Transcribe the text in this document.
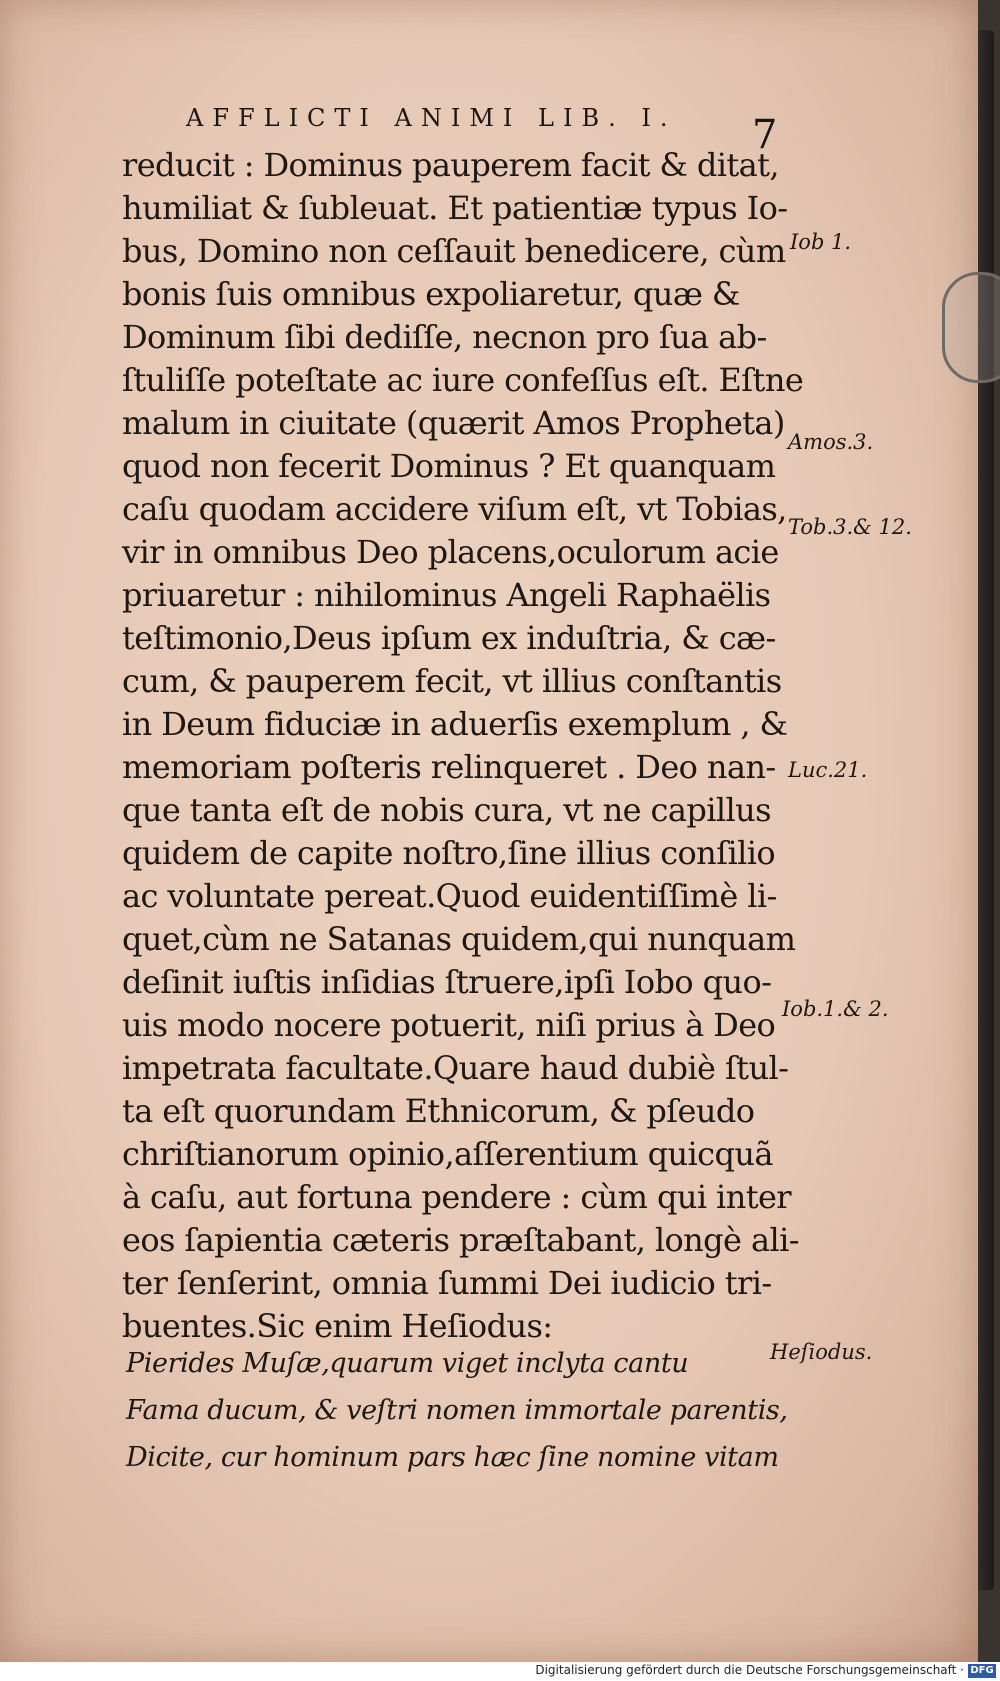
AFFLICTI ANIMI LIB. I. 7
reducit : Dominus pauperem facit & ditat,
humiliat & ſubleuat. Et patientiæ typus Io-
bus, Domino non ceſſauit benedicere, cùm
bonis ſuis omnibus expoliaretur, quæ &
Dominum ſibi dediſſe, necnon pro ſua ab-
ſtuliſſe poteſtate ac iure confeſſus eſt. Eſtne
malum in ciuitate (quærit Amos Propheta)
quod non fecerit Dominus ? Et quanquam
caſu quodam accidere viſum eſt, vt Tobias,
vir in omnibus Deo placens,oculorum acie
priuaretur : nihilominus Angeli Raphaëlis
teſtimonio,Deus ipſum ex induſtria, & cæ-
cum, & pauperem fecit, vt illius conſtantis
in Deum fiduciæ in aduerſis exemplum , &
memoriam poſteris relinqueret . Deo nan-
que tanta eſt de nobis cura, vt ne capillus
quidem de capite noſtro,ſine illius conſilio
ac voluntate pereat.Quod euidentiſſimè li-
quet,cùm ne Satanas quidem,qui nunquam
deſinit iuſtis inſidias ſtruere,ipſi Iobo quo-
uis modo nocere potuerit, niſi prius à Deo
impetrata facultate.Quare haud dubiè ſtul-
ta eſt quorundam Ethnicorum, & pſeudo
chriſtianorum opinio,aſſerentium quicquã
à caſu, aut fortuna pendere : cùm qui inter
eos ſapientia cæteris præſtabant, longè ali-
ter ſenſerint, omnia ſummi Dei iudicio tri-
buentes.Sic enim Heſiodus:
Pierides Muſæ,quarum viget inclyta cantu
Fama ducum, & veſtri nomen immortale parentis,
Dicite, cur hominum pars hæc ſine nomine vitam
Iob 1.
Amos.3.
Tob.3.& 12.
Luc.21.
Iob.1.& 2.
Heſiodus.
Digitalisierung gefördert durch die Deutsche Forschungsgemeinschaft · DFG
